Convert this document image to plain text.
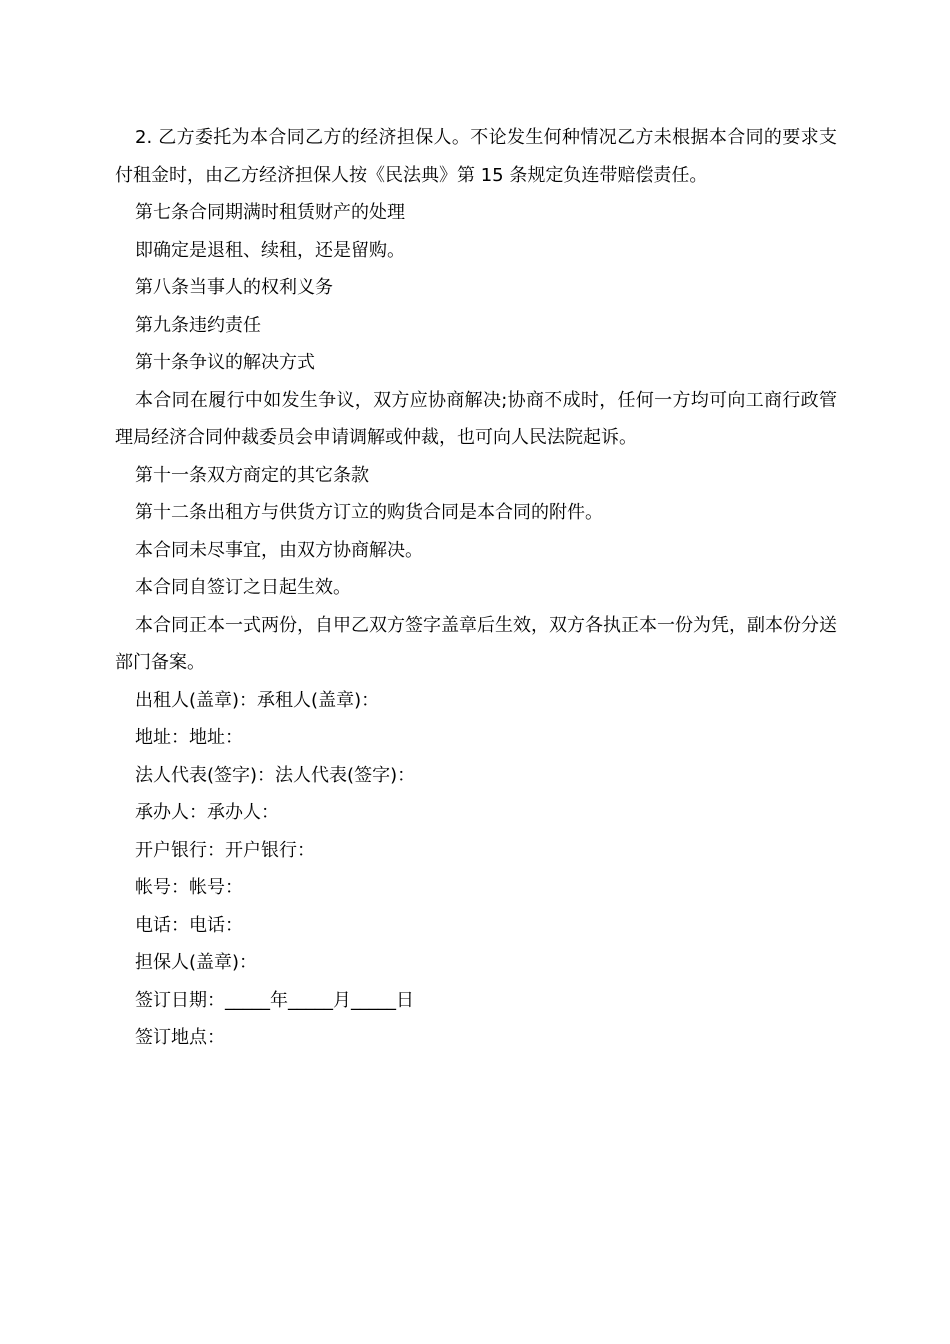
2. 乙方委托为本合同乙方的经济担保人。不论发生何种情况乙方未根据本合同的要求支付租金时，由乙方经济担保人按《民法典》第 15 条规定负连带赔偿责任。

第七条合同期满时租赁财产的处理

即确定是退租、续租，还是留购。

第八条当事人的权利义务

第九条违约责任

第十条争议的解决方式

本合同在履行中如发生争议，双方应协商解决;协商不成时，任何一方均可向工商行政管理局经济合同仲裁委员会申请调解或仲裁，也可向人民法院起诉。

第十一条双方商定的其它条款

第十二条出租方与供货方订立的购货合同是本合同的附件。

本合同未尽事宜，由双方协商解决。

本合同自签订之日起生效。

本合同正本一式两份，自甲乙双方签字盖章后生效，双方各执正本一份为凭，副本份分送部门备案。

出租人(盖章)：承租人(盖章)：

地址：地址：

法人代表(签字)：法人代表(签字)：

承办人：承办人：

开户银行：开户银行：

帐号：帐号：

电话：电话：

担保人(盖章)：

签订日期：_____年_____月_____日

签订地点：
